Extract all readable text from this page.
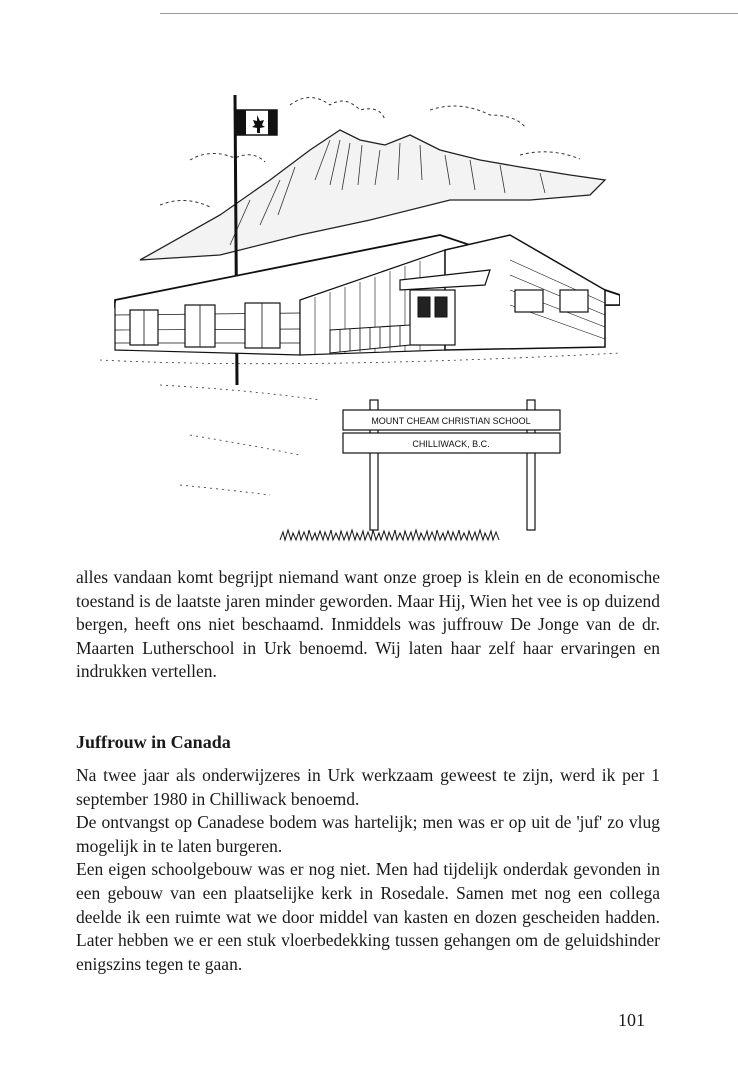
MOUNT CHEAM CHRISTIAN SCHOOL
CHILLIWACK, B.C.

alles vandaan komt begrijpt niemand want onze groep is klein en de economische toestand is de laatste jaren minder geworden. Maar Hij, Wien het vee is op duizend bergen, heeft ons niet beschaamd. Inmiddels was juffrouw De Jonge van de dr. Maarten Lutherschool in Urk benoemd. Wij laten haar zelf haar ervaringen en indrukken vertellen.

Juffrouw in Canada

Na twee jaar als onderwijzeres in Urk werkzaam geweest te zijn, werd ik per 1 september 1980 in Chilliwack benoemd.
De ontvangst op Canadese bodem was hartelijk; men was er op uit de 'juf' zo vlug mogelijk in te laten burgeren.
Een eigen schoolgebouw was er nog niet. Men had tijdelijk onderdak gevonden in een gebouw van een plaatselijke kerk in Rosedale. Samen met nog een collega deelde ik een ruimte wat we door middel van kasten en dozen gescheiden hadden. Later hebben we er een stuk vloerbedekking tussen gehangen om de geluidshinder enigszins tegen te gaan.

101
